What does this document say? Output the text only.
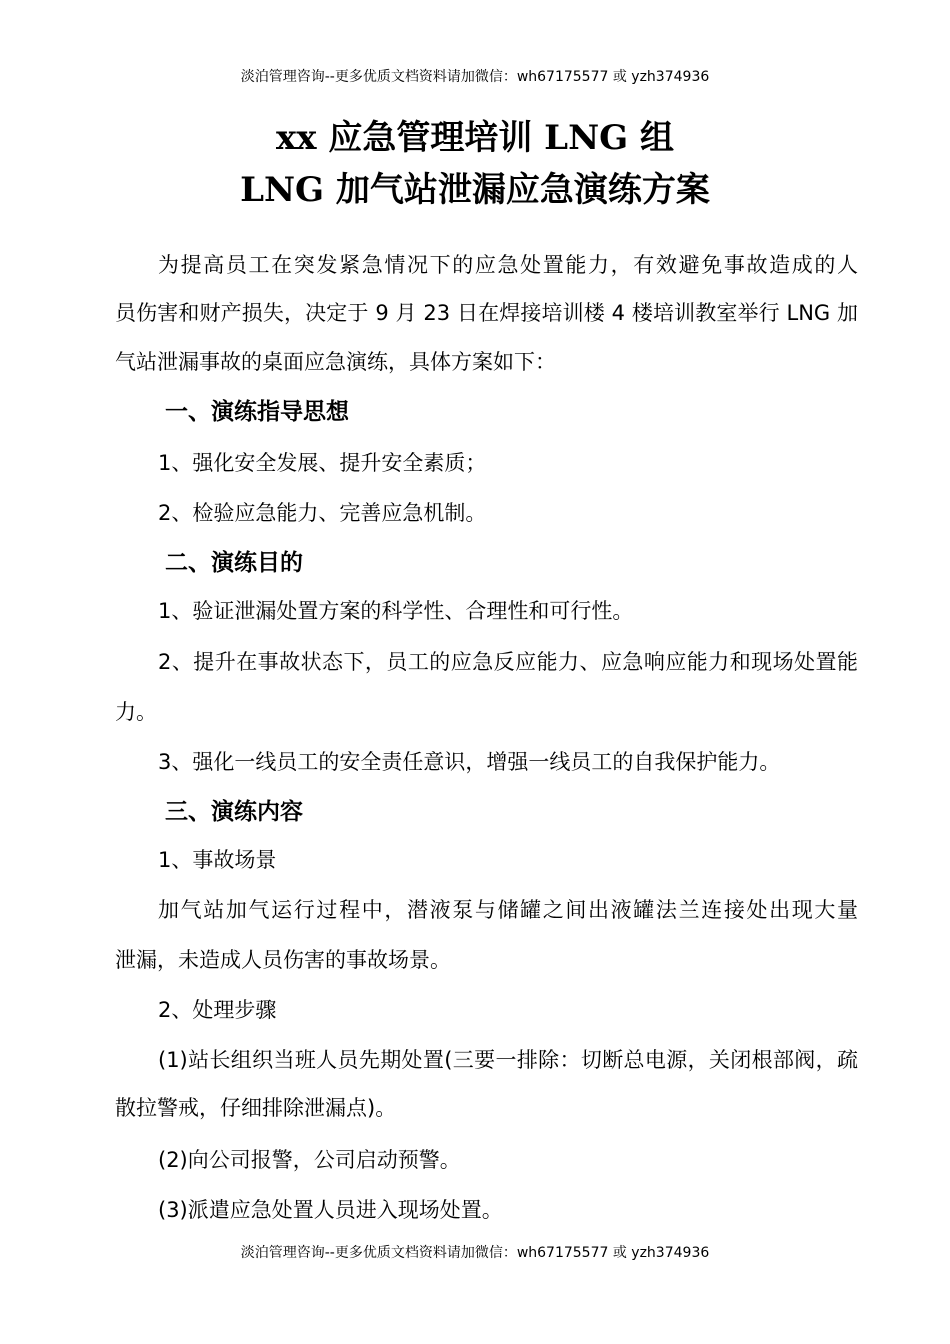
淡泊管理咨询--更多优质文档资料请加微信：wh67175577 或 yzh374936
xx 应急管理培训 LNG 组
LNG 加气站泄漏应急演练方案
为提高员工在突发紧急情况下的应急处置能力，有效避免事故造成的人
员伤害和财产损失，决定于 9 月 23 日在焊接培训楼 4 楼培训教室举行 LNG 加
气站泄漏事故的桌面应急演练，具体方案如下：
一、演练指导思想
1、强化安全发展、提升安全素质；
2、检验应急能力、完善应急机制。
二、演练目的
1、验证泄漏处置方案的科学性、合理性和可行性。
2、提升在事故状态下，员工的应急反应能力、应急响应能力和现场处置能
力。
3、强化一线员工的安全责任意识，增强一线员工的自我保护能力。
三、演练内容
1、事故场景
加气站加气运行过程中，潜液泵与储罐之间出液罐法兰连接处出现大量
泄漏，未造成人员伤害的事故场景。
2、处理步骤
(1)站长组织当班人员先期处置(三要一排除：切断总电源，关闭根部阀，疏
散拉警戒，仔细排除泄漏点)。
(2)向公司报警，公司启动预警。
(3)派遣应急处置人员进入现场处置。
淡泊管理咨询--更多优质文档资料请加微信：wh67175577 或 yzh374936
